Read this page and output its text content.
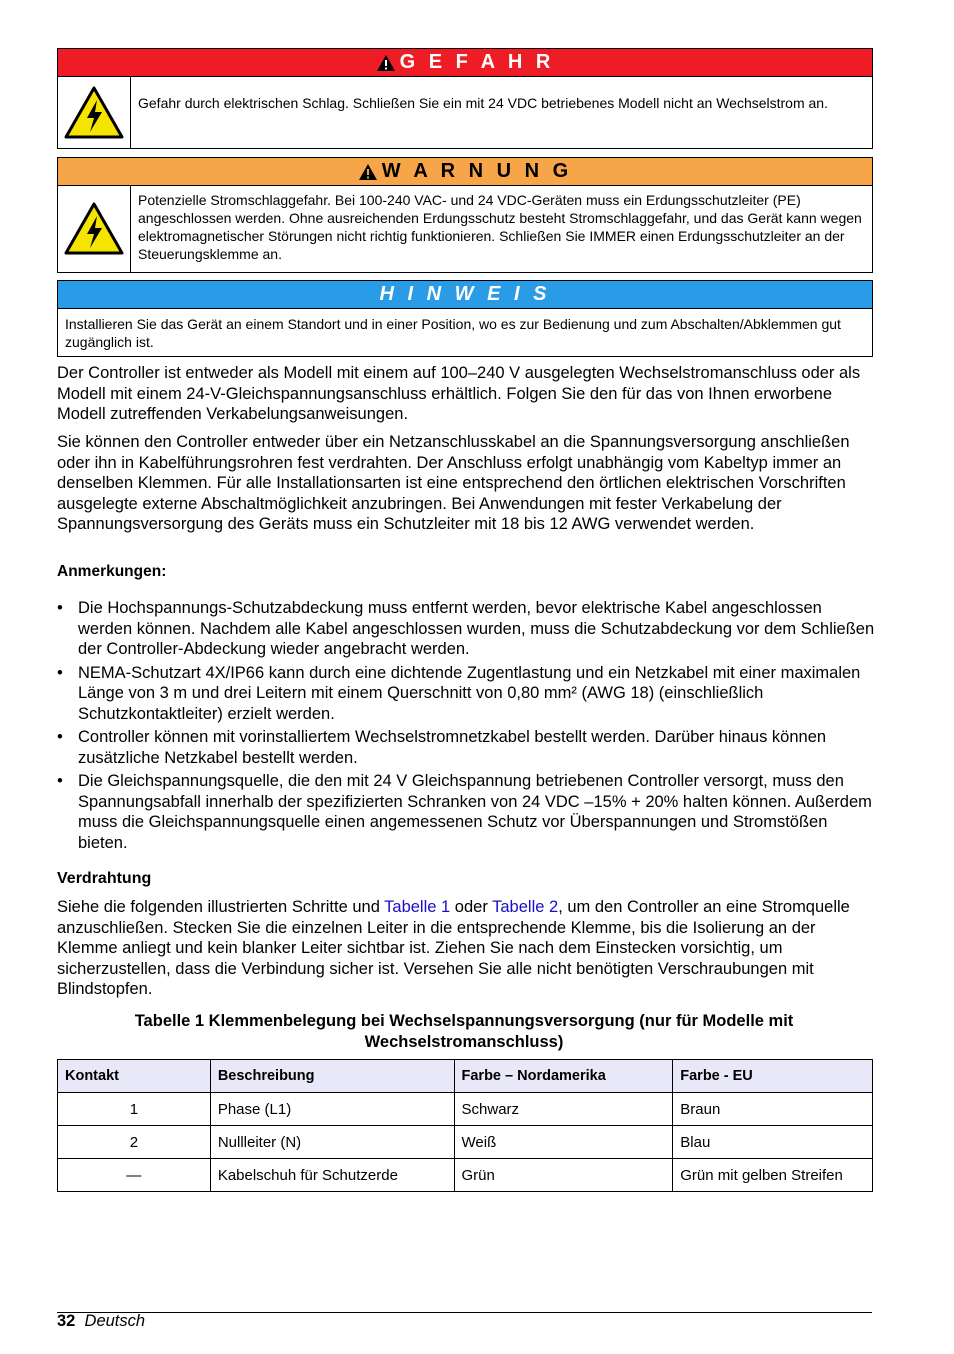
G E F A H R
Gefahr durch elektrischen Schlag. Schließen Sie ein mit 24 VDC betriebenes Modell nicht an Wechselstrom an.
W A R N U N G
Potenzielle Stromschlaggefahr. Bei 100-240 VAC- und 24 VDC-Geräten muss ein Erdungsschutzleiter (PE) angeschlossen werden. Ohne ausreichenden Erdungsschutz besteht Stromschlaggefahr, und das Gerät kann wegen elektromagnetischer Störungen nicht richtig funktionieren. Schließen Sie IMMER einen Erdungsschutzleiter an der Steuerungsklemme an.
H I N W E I S
Installieren Sie das Gerät an einem Standort und in einer Position, wo es zur Bedienung und zum Abschalten/Abklemmen gut zugänglich ist.
Der Controller ist entweder als Modell mit einem auf 100–240 V ausgelegten Wechselstromanschluss oder als Modell mit einem 24-V-Gleichspannungsanschluss erhältlich. Folgen Sie den für das von Ihnen erworbene Modell zutreffenden Verkabelungsanweisungen.
Sie können den Controller entweder über ein Netzanschlusskabel an die Spannungsversorgung anschließen oder ihn in Kabelführungsrohren fest verdrahten. Der Anschluss erfolgt unabhängig vom Kabeltyp immer an denselben Klemmen. Für alle Installationsarten ist eine entsprechend den örtlichen elektrischen Vorschriften ausgelegte externe Abschaltmöglichkeit anzubringen. Bei Anwendungen mit fester Verkabelung der Spannungsversorgung des Geräts muss ein Schutzleiter mit 18 bis 12 AWG verwendet werden.
Anmerkungen:
• Die Hochspannungs-Schutzabdeckung muss entfernt werden, bevor elektrische Kabel angeschlossen werden können. Nachdem alle Kabel angeschlossen wurden, muss die Schutzabdeckung vor dem Schließen der Controller-Abdeckung wieder angebracht werden.
• NEMA-Schutzart 4X/IP66 kann durch eine dichtende Zugentlastung und ein Netzkabel mit einer maximalen Länge von 3 m und drei Leitern mit einem Querschnitt von 0,80 mm² (AWG 18) (einschließlich Schutzkontaktleiter) erzielt werden.
• Controller können mit vorinstalliertem Wechselstromnetzkabel bestellt werden. Darüber hinaus können zusätzliche Netzkabel bestellt werden.
• Die Gleichspannungsquelle, die den mit 24 V Gleichspannung betriebenen Controller versorgt, muss den Spannungsabfall innerhalb der spezifizierten Schranken von 24 VDC –15% + 20% halten können. Außerdem muss die Gleichspannungsquelle einen angemessenen Schutz vor Überspannungen und Stromstößen bieten.
Verdrahtung
Siehe die folgenden illustrierten Schritte und Tabelle 1 oder Tabelle 2, um den Controller an eine Stromquelle anzuschließen. Stecken Sie die einzelnen Leiter in die entsprechende Klemme, bis die Isolierung an der Klemme anliegt und kein blanker Leiter sichtbar ist. Ziehen Sie nach dem Einstecken vorsichtig, um sicherzustellen, dass die Verbindung sicher ist. Versehen Sie alle nicht benötigten Verschraubungen mit Blindstopfen.
Tabelle 1 Klemmenbelegung bei Wechselspannungsversorgung (nur für Modelle mit
Wechselstromanschluss)
Kontakt	Beschreibung	Farbe – Nordamerika	Farbe - EU
1	Phase (L1)	Schwarz	Braun
2	Nullleiter (N)	Weiß	Blau
—	Kabelschuh für Schutzerde	Grün	Grün mit gelben Streifen
32 Deutsch
